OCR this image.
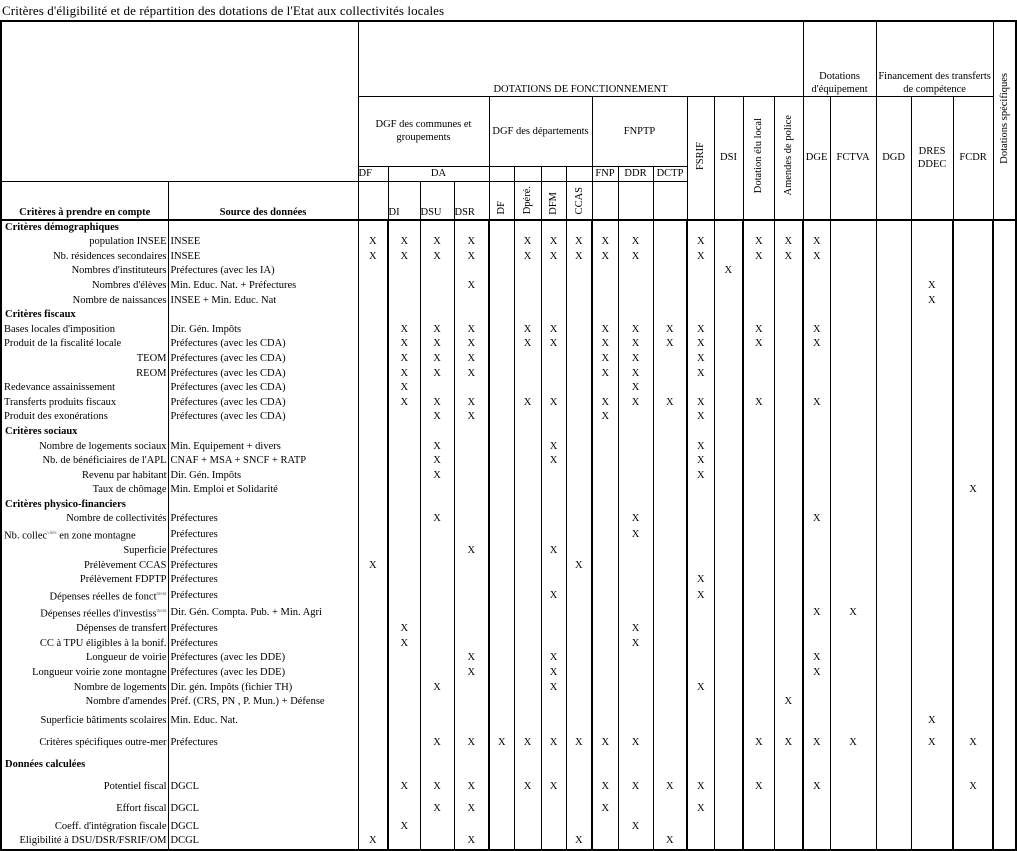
Critères d'éligibilité et de répartition des dotations de l'Etat aux collectivités locales
		DOTATIONS DE FONCTIONNEMENT															Dotations d'équipement		Financement des transferts de compétence			Dotations spécifiques
		DGF des communes et groupements				DGF des départements				FNPTP			FSRIF	DSI	Dotation élu local	Amendes de police	DGE	FCTVA	DGD	DRES DDEC	FCDR	
		DF	DA							FNP	DDR	DCTP										
Critères à prendre en compte	Source des données		DI	DSU	DSR	DF	Dpéré.	DFM	CCAS													
Critères démographiques																						
population INSEE	INSEE	X	X	X	X		X	X	X	X	X		X		X	X	X					
Nb. résidences secondaires	INSEE	X	X	X	X		X	X	X	X	X		X		X	X	X					
Nombres d'instituteurs	Préfectures (avec les IA)													X								
Nombres d'élèves	Min. Educ. Nat. + Préfectures				X															X		
Nombre de naissances	INSEE + Min. Educ. Nat																			X		
Critères fiscaux																						
Bases locales d'imposition	Dir. Gén. Impôts		X	X	X		X	X		X	X	X	X		X		X					
Produit de la fiscalité locale	Préfectures (avec les CDA)		X	X	X		X	X		X	X	X	X		X		X					
TEOM	Préfectures (avec les CDA)		X	X	X					X	X		X									
REOM	Préfectures (avec les CDA)		X	X	X					X	X		X									
Redevance assainissement	Préfectures (avec les CDA)		X								X											
Transferts produits fiscaux	Préfectures (avec les CDA)		X	X	X		X	X		X	X	X	X		X		X					
Produit des exonérations	Préfectures (avec les CDA)			X	X					X			X									
Critères sociaux																						
Nombre de logements sociaux	Min. Equipement + divers			X				X					X									
Nb. de bénéficiaires de l'APL	CNAF + MSA + SNCF + RATP			X				X					X									
Revenu par habitant	Dir. Gén. Impôts			X									X									
Taux de chômage	Min. Emploi et Solidarité																				X	
Critères physico-financiers																						
Nombre de collectivités	Préfectures			X							X						X					
Nb. collec$^{vités}$ en zone montagne	Préfectures										X											
Superficie	Préfectures				X			X														
Prélèvement CCAS	Préfectures	X							X													
Prélèvement FDPTP	Préfectures												X									
Dépenses réelles de fonct$^{ment}$	Préfectures							X					X									
Dépenses réelles d'investiss$^{ment}$	Dir. Gén. Compta. Pub. + Min. Agri																X	X				
Dépenses de transfert	Préfectures		X								X											
CC à TPU éligibles à la bonif.	Préfectures		X								X											
Longueur de voirie	Préfectures (avec les DDE)				X			X									X					
Longueur voirie zone montagne	Préfectures (avec les DDE)				X			X									X					
Nombre de logements	Dir. gén. Impôts (fichier TH)			X				X					X									
Nombre d'amendes	Préf. (CRS, PN , P. Mun.) + Défense															X						
Superficie bâtiments scolaires	Min. Educ. Nat.																			X		
Critères spécifiques outre-mer	Préfectures			X	X	X	X	X	X	X	X				X	X	X	X		X	X	
Données calculées																						
Potentiel fiscal	DGCL		X	X	X		X	X		X	X	X	X		X		X				X	
Effort fiscal	DGCL			X	X					X			X									
Coeff. d'intégration fiscale	DGCL		X								X											
Eligibilité à DSU/DSR/FSRIF/OM	DCGL	X			X				X			X										
